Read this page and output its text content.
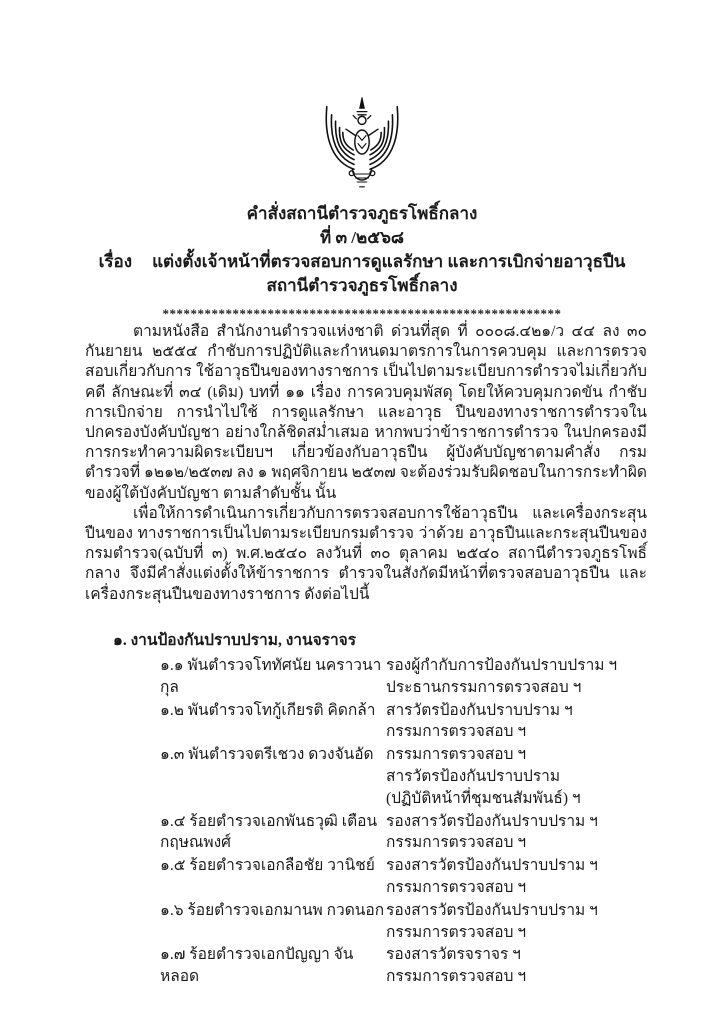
คำสั่งสถานีตำรวจภูธรโพธิ์กลาง
ที่ ๓ /๒๕๖๘
เรื่อง แต่งตั้งเจ้าหน้าที่ตรวจสอบการดูแลรักษา และการเบิกจ่ายอาวุธปืน
สถานีตำรวจภูธรโพธิ์กลาง
*********************************************************

ตามหนังสือ สำนักงานตำรวจแห่งชาติ ด่วนที่สุด ที่ ๐๐๐๘.๔๒๑/ว ๔๔ ลง ๓๐ กันยายน ๒๕๕๔ กำชับการปฏิบัติและกำหนดมาตรการในการควบคุม และการตรวจสอบเกี่ยวกับการ ใช้อาวุธปืนของทางราชการ เป็นไปตามระเบียบการตำรวจไม่เกี่ยวกับคดี ลักษณะที่ ๓๔ (เดิม) บทที่ ๑๑ เรื่อง การควบคุมพัสดุ โดยให้ควบคุมกวดขัน กำชับการเบิกจ่าย การนำไปใช้ การดูแลรักษา และอาวุธ ปืนของทางราชการตำรวจในปกครองบังคับบัญชา อย่างใกล้ชิดสม่ำเสมอ หากพบว่าข้าราชการตำรวจ ในปกครองมีการกระทำความผิดระเบียบฯ เกี่ยวข้องกับอาวุธปืน ผู้บังคับบัญชาตามคำสั่ง กรมตำรวจที่ ๑๒๑๒/๒๕๓๗ ลง ๑ พฤศจิกายน ๒๕๓๗ จะต้องร่วมรับผิดชอบในการกระทำผิดของผู้ใต้บังคับบัญชา ตามลำดับชั้น นั้น

เพื่อให้การดำเนินการเกี่ยวกับการตรวจสอบการใช้อาวุธปืน และเครื่องกระสุนปืนของ ทางราชการเป็นไปตามระเบียบกรมตำรวจ ว่าด้วย อาวุธปืนและกระสุนปืนของกรมตำรวจ(ฉบับที่ ๓) พ.ศ.๒๕๔๐ ลงวันที่ ๓๐ ตุลาคม ๒๕๔๐ สถานีตำรวจภูธรโพธิ์กลาง จึงมีคำสั่งแต่งตั้งให้ข้าราชการ ตำรวจในสังกัดมีหน้าที่ตรวจสอบอาวุธปืน และเครื่องกระสุนปืนของทางราชการ ดังต่อไปนี้

๑. งานป้องกันปราบปราม, งานจราจร
๑.๑ พันตำรวจโททัศนัย นคราวนากุล
รองผู้กำกับการป้องกันปราบปราม ฯ
ประธานกรรมการตรวจสอบ ฯ
๑.๒ พันตำรวจโทกู้เกียรติ คิดกล้า สารวัตรป้องกันปราบปราม ฯ
กรรมการตรวจสอบ ฯ
๑.๓ พันตำรวจตรีเชวง ดวงจันอัด กรรมการตรวจสอบ ฯ
สารวัตรป้องกันปราบปราม
(ปฏิบัติหน้าที่ชุมชนสัมพันธ์) ฯ
๑.๔ ร้อยตำรวจเอกพันธวุฒิ เตือนกฤษณพงศ์
รองสารวัตรป้องกันปราบปราม ฯ
กรรมการตรวจสอบ ฯ
๑.๕ ร้อยตำรวจเอกลือชัย วานิชย์ รองสารวัตรป้องกันปราบปราม ฯ
กรรมการตรวจสอบ ฯ
๑.๖ ร้อยตำรวจเอกมานพ กวดนอก รองสารวัตรป้องกันปราบปราม ฯ
กรรมการตรวจสอบ ฯ
๑.๗ ร้อยตำรวจเอกปัญญา จันหลอด
รองสารวัตรจราจร ฯ
กรรมการตรวจสอบ ฯ
